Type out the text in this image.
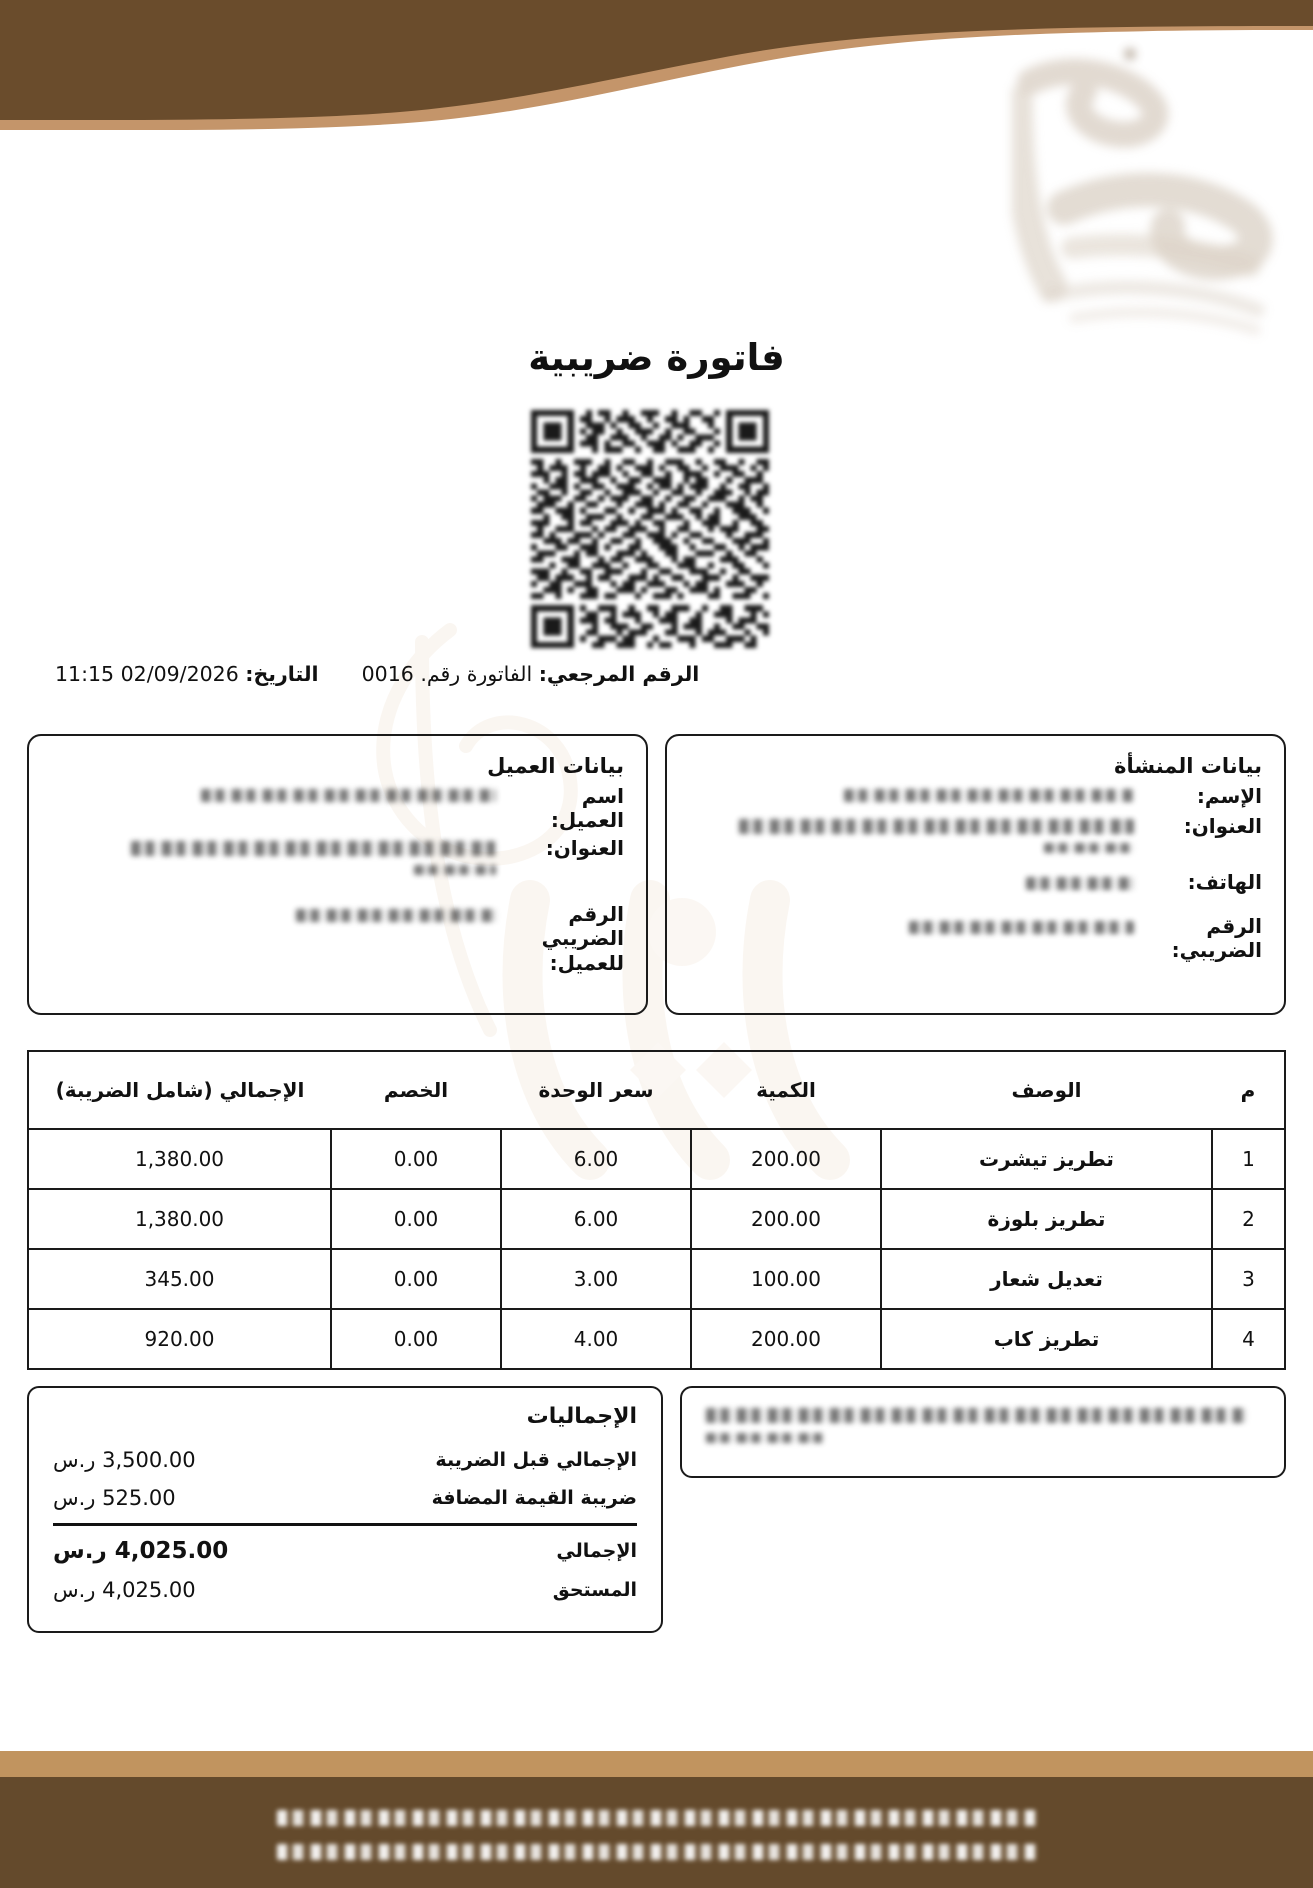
فاتورة ضريبية
الرقم المرجعي: الفاتورة رقم. 0016  التاريخ: 02/09/2026 11:15
بيانات العميل
اسم العميل:
العنوان:
الرقم الضريبي للعميل:
بيانات المنشأة
الإسم:
العنوان:
الهاتف:
الرقم الضريبي:
م	الوصف	الكمية	سعر الوحدة	الخصم	الإجمالي (شامل الضريبة)
1	تطريز تيشرت	200.00	6.00	0.00	1,380.00
2	تطريز بلوزة	200.00	6.00	0.00	1,380.00
3	تعديل شعار	100.00	3.00	0.00	345.00
4	تطريز كاب	200.00	4.00	0.00	920.00
الإجماليات
الإجمالي قبل الضريبة
3,500.00 ر.س
ضريبة القيمة المضافة
525.00 ر.س
الإجمالي
4,025.00 ر.س
المستحق
4,025.00 ر.س
